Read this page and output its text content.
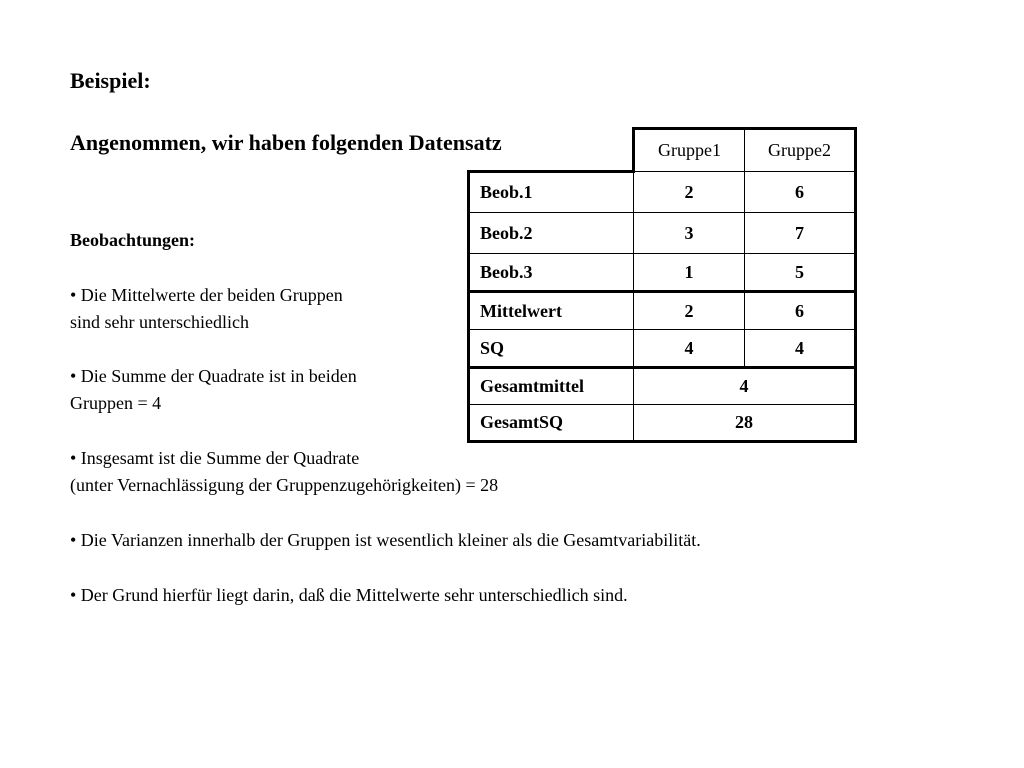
Beispiel:
Angenommen, wir haben folgenden Datensatz
Beobachtungen:
• Die Mittelwerte der beiden Gruppen
sind sehr unterschiedlich
• Die Summe der Quadrate ist in beiden
Gruppen = 4
• Insgesamt ist die Summe der Quadrate
(unter Vernachlässigung der Gruppenzugehörigkeiten) = 28
• Die Varianzen innerhalb der Gruppen ist wesentlich kleiner als die Gesamtvariabilität.
• Der Grund hierfür liegt darin, daß die Mittelwerte sehr unterschiedlich sind.
	Gruppe1	Gruppe2
Beob.1	2	6
Beob.2	3	7
Beob.3	1	5
Mittelwert	2	6
SQ	4	4
Gesamtmittel	4	
GesamtSQ	28	
